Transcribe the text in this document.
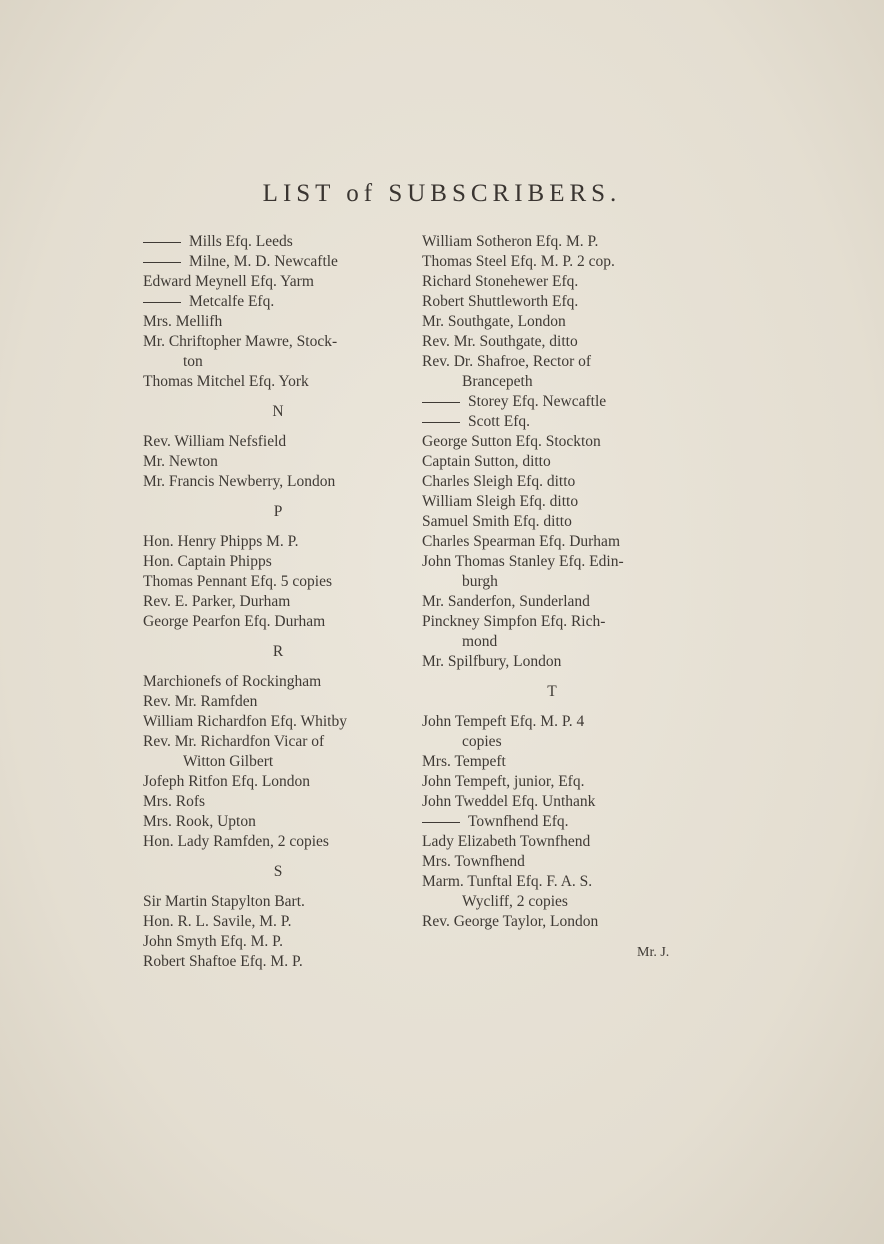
LIST of SUBSCRIBERS.
Mills Efq. Leeds
Milne, M. D. Newcaftle
Edward Meynell Efq. Yarm
Metcalfe Efq.
Mrs. Mellifh
Mr. Chriftopher Mawre, Stock-
ton
Thomas Mitchel Efq. York
N
Rev. William Nefsfield
Mr. Newton
Mr. Francis Newberry, London
P
Hon. Henry Phipps M. P.
Hon. Captain Phipps
Thomas Pennant Efq. 5 copies
Rev. E. Parker, Durham
George Pearfon Efq. Durham
R
Marchionefs of Rockingham
Rev. Mr. Ramfden
William Richardfon Efq. Whitby
Rev. Mr. Richardfon Vicar of
Witton Gilbert
Jofeph Ritfon Efq. London
Mrs. Rofs
Mrs. Rook, Upton
Hon. Lady Ramfden, 2 copies
S
Sir Martin Stapylton Bart.
Hon. R. L. Savile, M. P.
John Smyth Efq. M. P.
Robert Shaftoe Efq. M. P.
William Sotheron Efq. M. P.
Thomas Steel Efq. M. P. 2 cop.
Richard Stonehewer Efq.
Robert Shuttleworth Efq.
Mr. Southgate, London
Rev. Mr. Southgate, ditto
Rev. Dr. Shafroe, Rector of
Brancepeth
Storey Efq. Newcaftle
Scott Efq.
George Sutton Efq. Stockton
Captain Sutton, ditto
Charles Sleigh Efq. ditto
William Sleigh Efq. ditto
Samuel Smith Efq. ditto
Charles Spearman Efq. Durham
John Thomas Stanley Efq. Edin-
burgh
Mr. Sanderfon, Sunderland
Pinckney Simpfon Efq. Rich-
mond
Mr. Spilfbury, London
T
John Tempeft Efq. M. P. 4
copies
Mrs. Tempeft
John Tempeft, junior, Efq.
John Tweddel Efq. Unthank
Townfhend Efq.
Lady Elizabeth Townfhend
Mrs. Townfhend
Marm. Tunftal Efq. F. A. S.
Wycliff, 2 copies
Rev. George Taylor, London
Mr. J.
